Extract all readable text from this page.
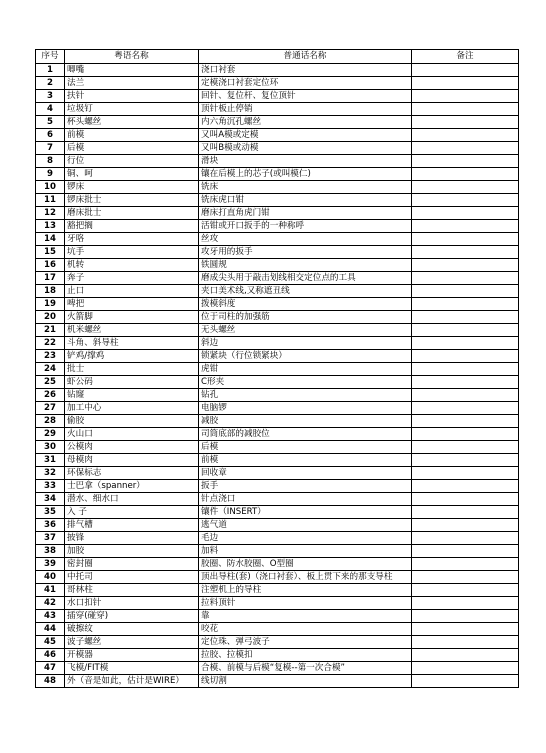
序号	粤语名称	普通话名称	备注
1	唧嘴	浇口衬套	
2	法兰	定模浇口衬套定位环	
3	扶针	回针、复位杆、复位顶针	
4	垃圾钉	顶针板止停销	
5	杯头螺丝	内六角沉孔螺丝	
6	前模	又叫A模或定模	
7	后模	又叫B模或动模	
8	行位	滑块	
9	铜、呵	镶在后模上的芯子(或叫模仁)	
10	锣床	铣床	
11	锣床批士	铣床虎口钳	
12	磨床批士	磨床打直角虎门钳	
13	豁把搁	活钳或开口扳手的一种称呼	
14	牙咯	丝攻	
15	坑手	攻牙用的扳手	
16	机转	铁圆规	
17	奔子	磨成尖头用于敲击划线相交定位点的工具	
18	止口	夹口美术线,又称遮丑线	
19	啤把	拨模斜度	
20	火箭脚	位于司柱的加强筋	
21	机米螺丝	无头螺丝	
22	斗角、斜导柱	斜边	
23	铲鸡/撑鸡	锁紧块（行位锁紧块）	
24	批士	虎钳	
25	虾公码	C形夹	
26	钻窿	钻孔	
27	加工中心	电脑锣	
28	偷胶	减胶	
29	火山口	司筒底部的减胶位	
30	公模肉	后模	
31	母模肉	前模	
32	环保标志	回收章	
33	士巴拿（spanner）	扳手	
34	潜水、细水口	针点浇口	
35	入 子	镶件（INSERT）	
36	排气槽	逃气道	
37	披锋	毛边	
38	加胶	加料	
39	密封圈	胶圈、防水胶圈、O型圈	
40	中托司	顶出导柱(套)（浇口衬套）、板上贯下来的那支导柱	
41	哥林柱	注塑机上的导柱	
42	水口扣针	拉料顶针	
43	插穿(碰穿)	靠	
44	破擦纹	咬花	
45	波子螺丝	定位珠、弹弓波子	
46	开模器	拉胶、拉模扣	
47	飞模/FIT模	合模、前模与后模“复模--第一次合模”	
48	外（音是如此，估计是WIRE）	线切割	
